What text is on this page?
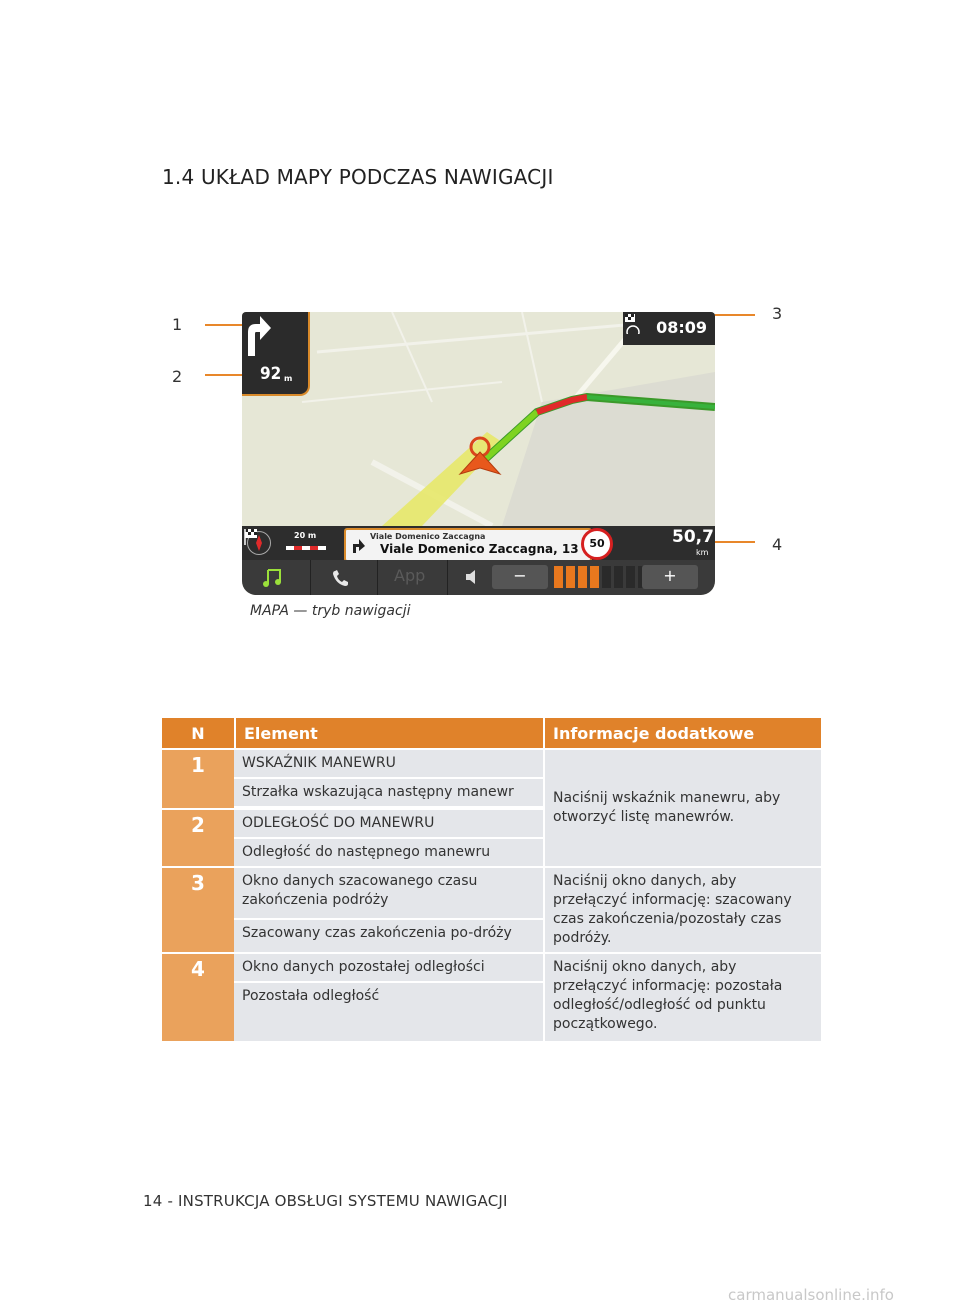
1.4 UKŁAD MAPY PODCZAS NAWIGACJI
1
2
3
4
92 m
08:09
20 m	Viale Domenico Zaccagna
Viale Domenico Zaccagna, 13 50	50,7
km
App	−	+
MAPA — tryb nawigacji
N	Element	Informacje dodatkowe
1	WSKAŹNIK MANEWRU	Naciśnij wskaźnik manewru, aby otworzyć listę manewrów.
	Strzałka wskazująca następny manewr	
2	ODLEGŁOŚĆ DO MANEWRU	
	Odległość do następnego manewru	
3	Okno danych szacowanego czasu zakończenia podróży	Naciśnij okno danych, aby przełączyć informację: szacowany czas zakończenia/pozostały czas podróży.
	Szacowany czas zakończenia po-dróży	
4	Okno danych pozostałej odległości	Naciśnij okno danych, aby przełączyć informację: pozostała odległość/odległość od punktu początkowego.
	Pozostała odległość	
14 - INSTRUKCJA OBSŁUGI SYSTEMU NAWIGACJI
carmanualsonline.info
